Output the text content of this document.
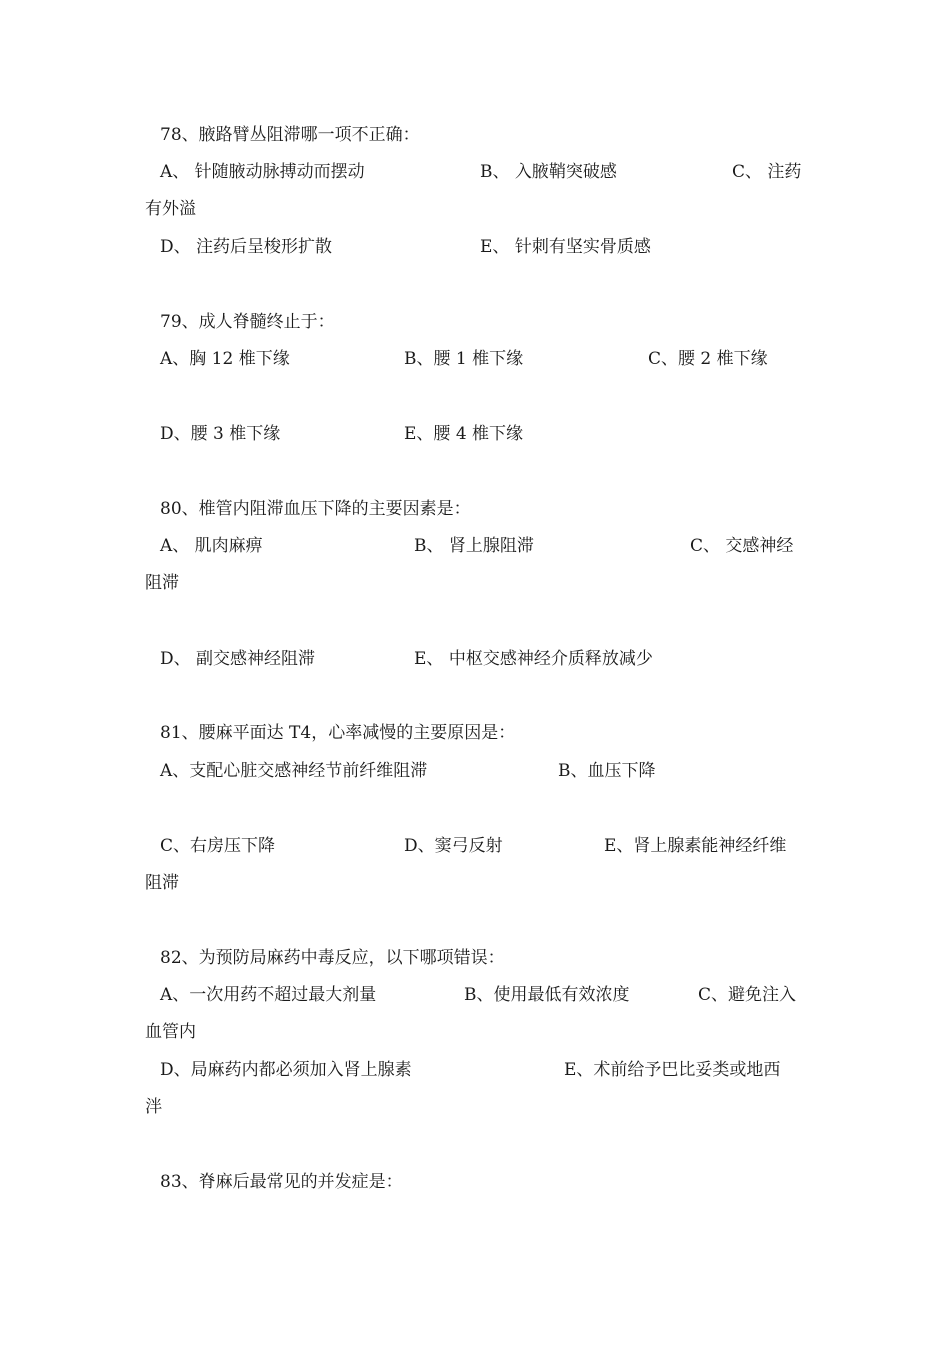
78、腋路臂丛阻滞哪一项不正确：
A、 针随腋动脉搏动而摆动	B、 入腋鞘突破感	C、 注药
有外溢
D、 注药后呈梭形扩散	E、 针刺有坚实骨质感
79、成人脊髓终止于：
A、胸 12 椎下缘	B、腰 1 椎下缘	C、腰 2 椎下缘
D、腰 3 椎下缘	E、腰 4 椎下缘
80、椎管内阻滞血压下降的主要因素是：
A、 肌肉麻痹	B、 肾上腺阻滞	C、 交感神经
阻滞
D、 副交感神经阻滞	E、 中枢交感神经介质释放减少
81、腰麻平面达 T4，心率减慢的主要原因是：
A、支配心脏交感神经节前纤维阻滞	B、血压下降
C、右房压下降	D、窦弓反射	E、肾上腺素能神经纤维
阻滞
82、为预防局麻药中毒反应，以下哪项错误：
A、一次用药不超过最大剂量	B、使用最低有效浓度	C、避免注入
血管内
D、局麻药内都必须加入肾上腺素	E、术前给予巴比妥类或地西
泮
83、脊麻后最常见的并发症是：
